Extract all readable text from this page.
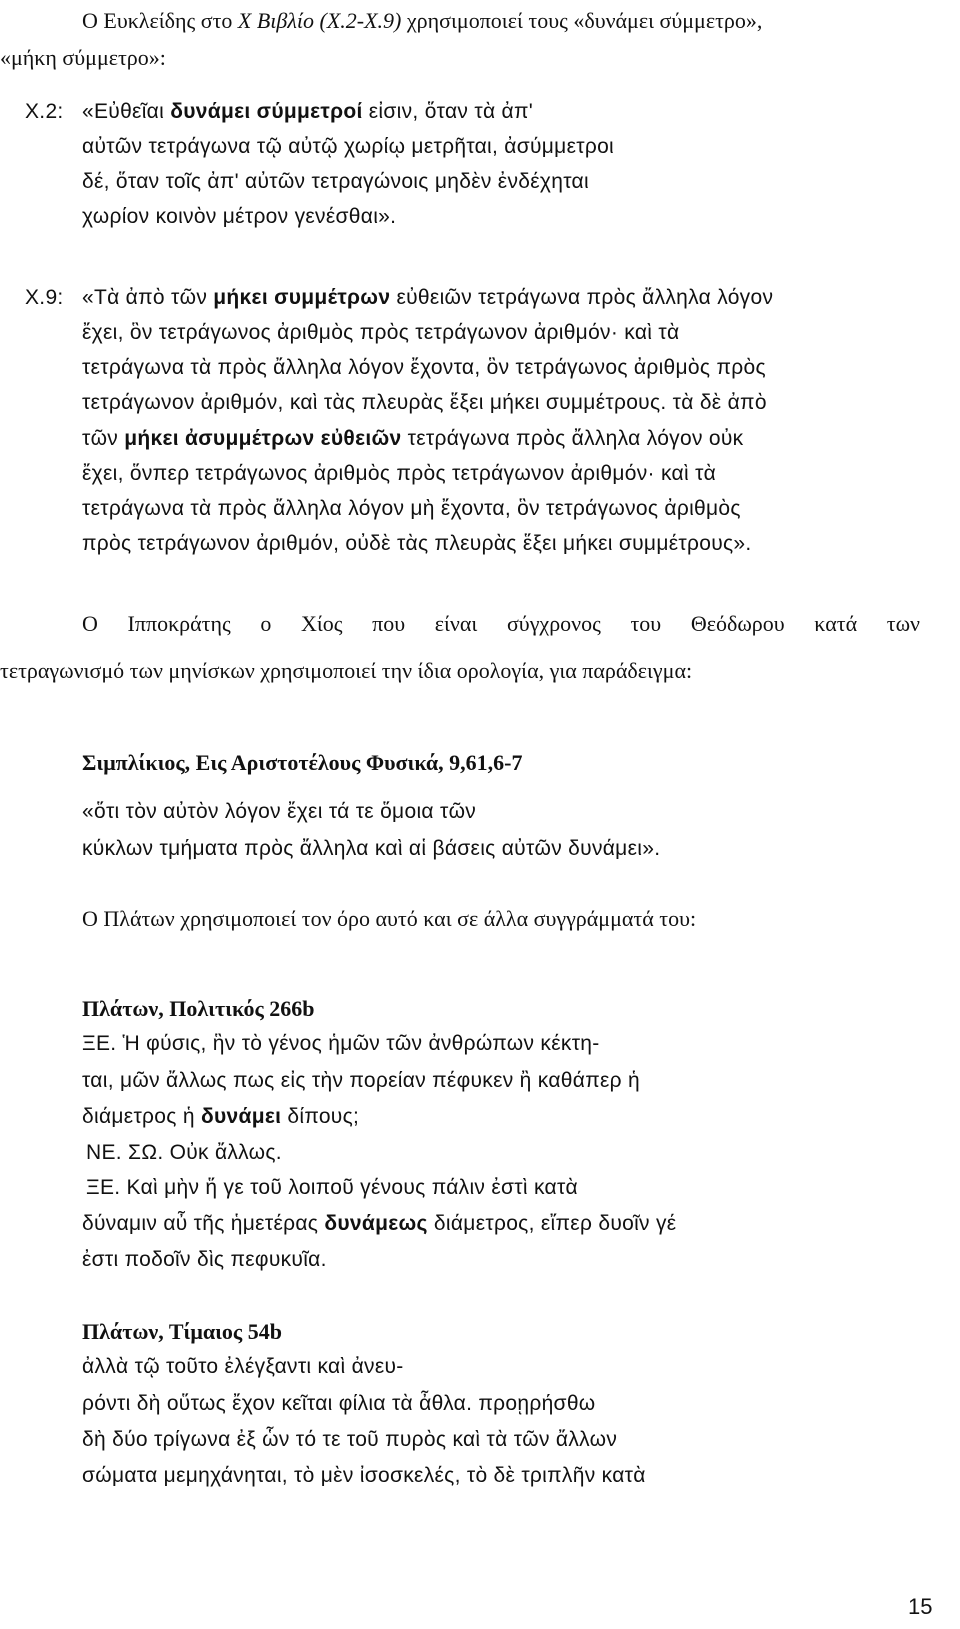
Ο Ευκλείδης στο Χ Βιβλίο (Χ.2-Χ.9) χρησιμοποιεί τους «δυνάμει σύμμετρο»,
«μήκη σύμμετρο»:
Χ.2: «Εὐθεῖαι δυνάμει σύμμετροί εἰσιν, ὅταν τὰ ἀπ'
αὐτῶν τετράγωνα τῷ αὐτῷ χωρίῳ μετρῆται, ἀσύμμετροι
δέ, ὅταν τοῖς ἀπ' αὐτῶν τετραγώνοις μηδὲν ἐνδέχηται
χωρίον κοινὸν μέτρον γενέσθαι».
Χ.9: «Τὰ ἀπὸ τῶν μήκει συμμέτρων εὐθειῶν τετράγωνα πρὸς ἄλληλα λόγον
ἔχει, ὃν τετράγωνος ἀριθμὸς πρὸς τετράγωνον ἀριθμόν· καὶ τὰ
τετράγωνα τὰ πρὸς ἄλληλα λόγον ἔχοντα, ὃν τετράγωνος ἀριθμὸς πρὸς
τετράγωνον ἀριθμόν, καὶ τὰς πλευρὰς ἕξει μήκει συμμέτρους. τὰ δὲ ἀπὸ
τῶν μήκει ἀσυμμέτρων εὐθειῶν τετράγωνα πρὸς ἄλληλα λόγον οὐκ
ἔχει, ὅνπερ τετράγωνος ἀριθμὸς πρὸς τετράγωνον ἀριθμόν· καὶ τὰ
τετράγωνα τὰ πρὸς ἄλληλα λόγον μὴ ἔχοντα, ὃν τετράγωνος ἀριθμὸς
πρὸς τετράγωνον ἀριθμόν, οὐδὲ τὰς πλευρὰς ἕξει μήκει συμμέτρους».
Ο Ιπποκράτης ο Χίος που είναι σύγχρονος του Θεόδωρου κατά των
τετραγωνισμό των μηνίσκων χρησιμοποιεί την ίδια ορολογία, για παράδειγμα:
Σιμπλίκιος, Εις Αριστοτέλους Φυσικά, 9,61,6-7
«ὅτι τὸν αὐτὸν λόγον ἔχει τά τε ὅμοια τῶν
κύκλων τμήματα πρὸς ἄλληλα καὶ αἱ βάσεις αὐτῶν δυνάμει».
Ο Πλάτων χρησιμοποιεί τον όρο αυτό και σε άλλα συγγράμματά του:
Πλάτων, Πολιτικός 266b
ΞΕ. Ἡ φύσις, ἣν τὸ γένος ἡμῶν τῶν ἀνθρώπων κέκτη-
ται, μῶν ἄλλως πως εἰς τὴν πορείαν πέφυκεν ἢ καθάπερ ἡ
διάμετρος ἡ δυνάμει δίπους;
ΝΕ. ΣΩ. Οὐκ ἄλλως.
ΞΕ. Καὶ μὴν ἥ γε τοῦ λοιποῦ γένους πάλιν ἐστὶ κατὰ
δύναμιν αὖ τῆς ἡμετέρας δυνάμεως διάμετρος, εἴπερ δυοῖν γέ
ἐστι ποδοῖν δὶς πεφυκυῖα.
Πλάτων, Τίμαιος 54b
ἀλλὰ τῷ τοῦτο ἐλέγξαντι καὶ ἀνευ-
ρόντι δὴ οὕτως ἔχον κεῖται φίλια τὰ ἆθλα. προῃρήσθω
δὴ δύο τρίγωνα ἐξ ὧν τό τε τοῦ πυρὸς καὶ τὰ τῶν ἄλλων
σώματα μεμηχάνηται, τὸ μὲν ἰσοσκελές, τὸ δὲ τριπλῆν κατὰ
15
